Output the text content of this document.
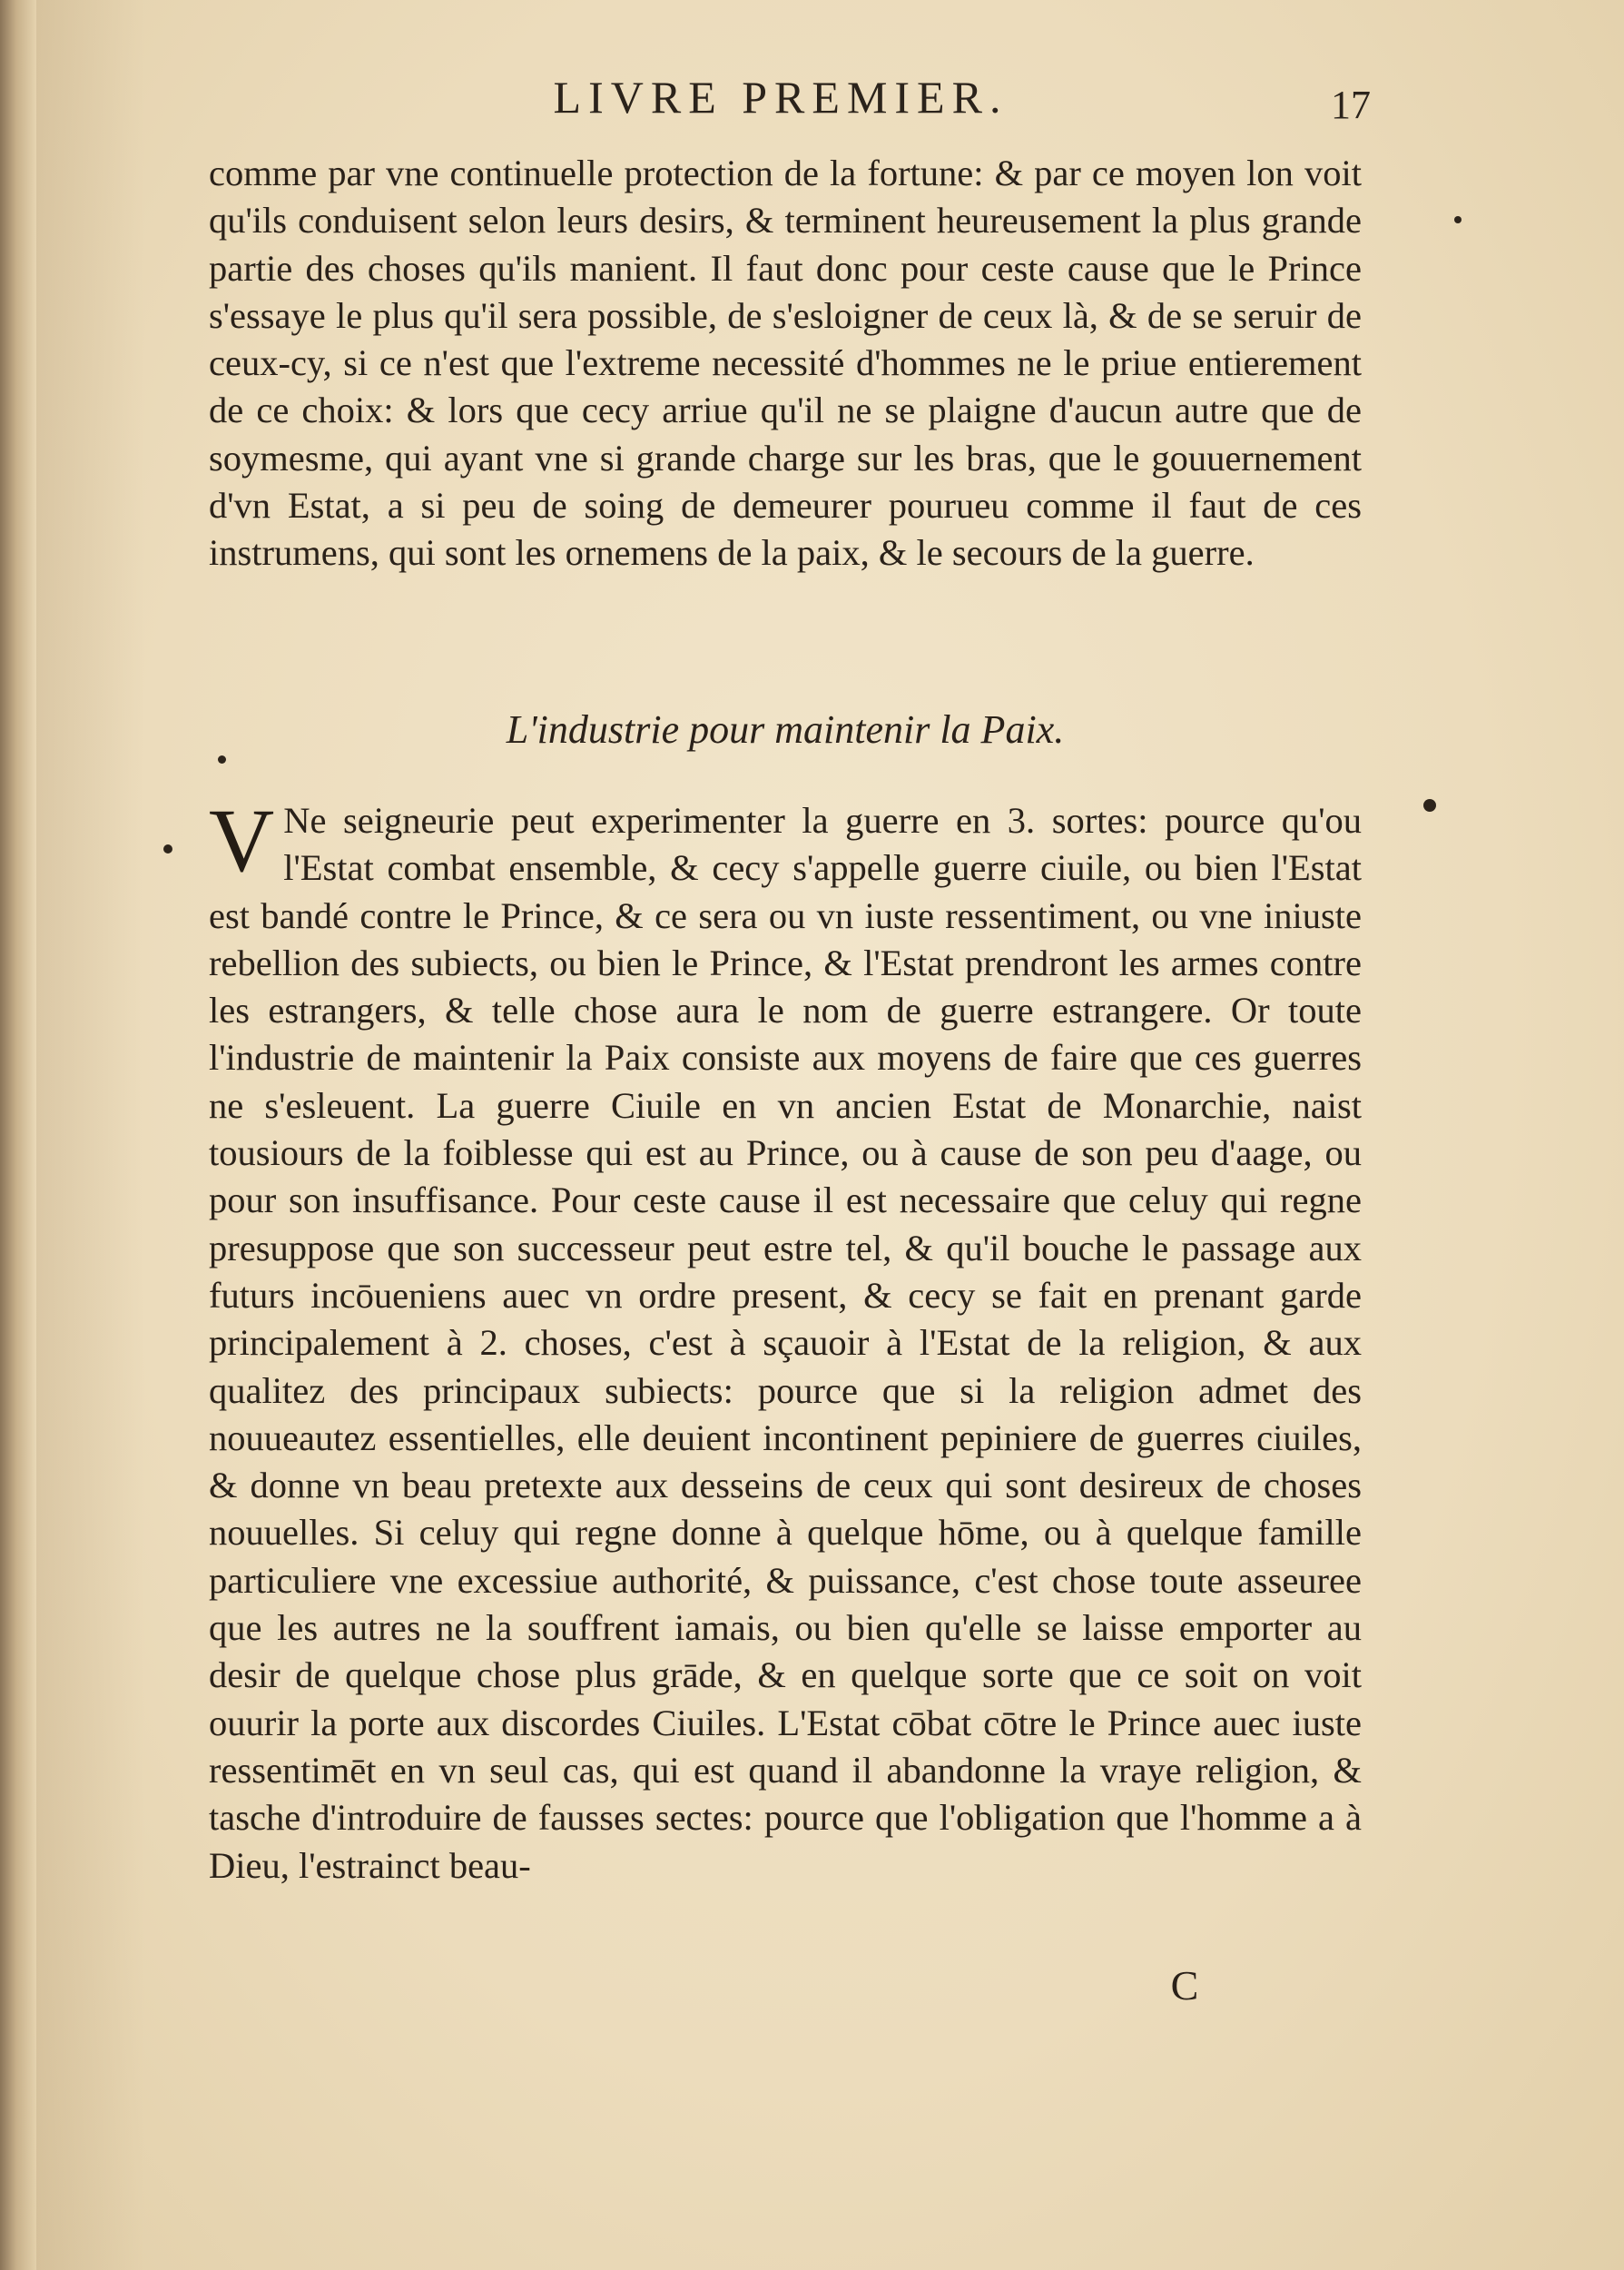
LIVRE PREMIER.	17

comme par vne continuelle protection de la fortune: & par ce moyen lon voit qu'ils conduisent selon leurs desirs, & terminent heureusement la plus grande partie des choses qu'ils manient. Il faut donc pour ceste cause que le Prince s'essaye le plus qu'il sera possible, de s'esloigner de ceux là, & de se seruir de ceux-cy, si ce n'est que l'extreme necessité d'hommes ne le priue entierement de ce choix: & lors que cecy arriue qu'il ne se plaigne d'aucun autre que de soymesme, qui ayant vne si grande charge sur les bras, que le gouuernement d'vn Estat, a si peu de soing de demeurer pourueu comme il faut de ces instrumens, qui sont les ornemens de la paix, & le secours de la guerre.

L'industrie pour maintenir la Paix.
V Ne seigneurie peut experimenter la guerre en 3. sortes: pource qu'ou l'Estat combat ensemble, & cecy s'appelle guerre ciuile, ou bien l'Estat est bandé contre le Prince, & ce sera ou vn iuste ressentiment, ou vne iniuste rebellion des subiects, ou bien le Prince, & l'Estat prendront les armes contre les estrangers, & telle chose aura le nom de guerre estrangere. Or toute l'industrie de maintenir la Paix consiste aux moyens de faire que ces guerres ne s'esleuent. La guerre Ciuile en vn ancien Estat de Monarchie, naist tousiours de la foiblesse qui est au Prince, ou à cause de son peu d'aage, ou pour son insuffisance. Pour ceste cause il est necessaire que celuy qui regne presuppose que son successeur peut estre tel, & qu'il bouche le passage aux futurs incōueniens auec vn ordre present, & cecy se fait en prenant garde principalement à 2. choses, c'est à sçauoir à l'Estat de la religion, & aux qualitez des principaux subiects: pource que si la religion admet des nouueautez essentielles, elle deuient incontinent pepiniere de guerres ciuiles, & donne vn beau pretexte aux desseins de ceux qui sont desireux de choses nouuelles. Si celuy qui regne donne à quelque hōme, ou à quelque famille particuliere vne excessiue authorité, & puissance, c'est chose toute asseuree que les autres ne la souffrent iamais, ou bien qu'elle se laisse emporter au desir de quelque chose plus grāde, & en quelque sorte que ce soit on voit ouurir la porte aux discordes Ciuiles. L'Estat cōbat cōtre le Prince auec iuste ressentimēt en vn seul cas, qui est quand il abandonne la vraye religion, & tasche d'introduire de fausses sectes: pource que l'obligation que l'homme a à Dieu, l'estrainct beau-

C
